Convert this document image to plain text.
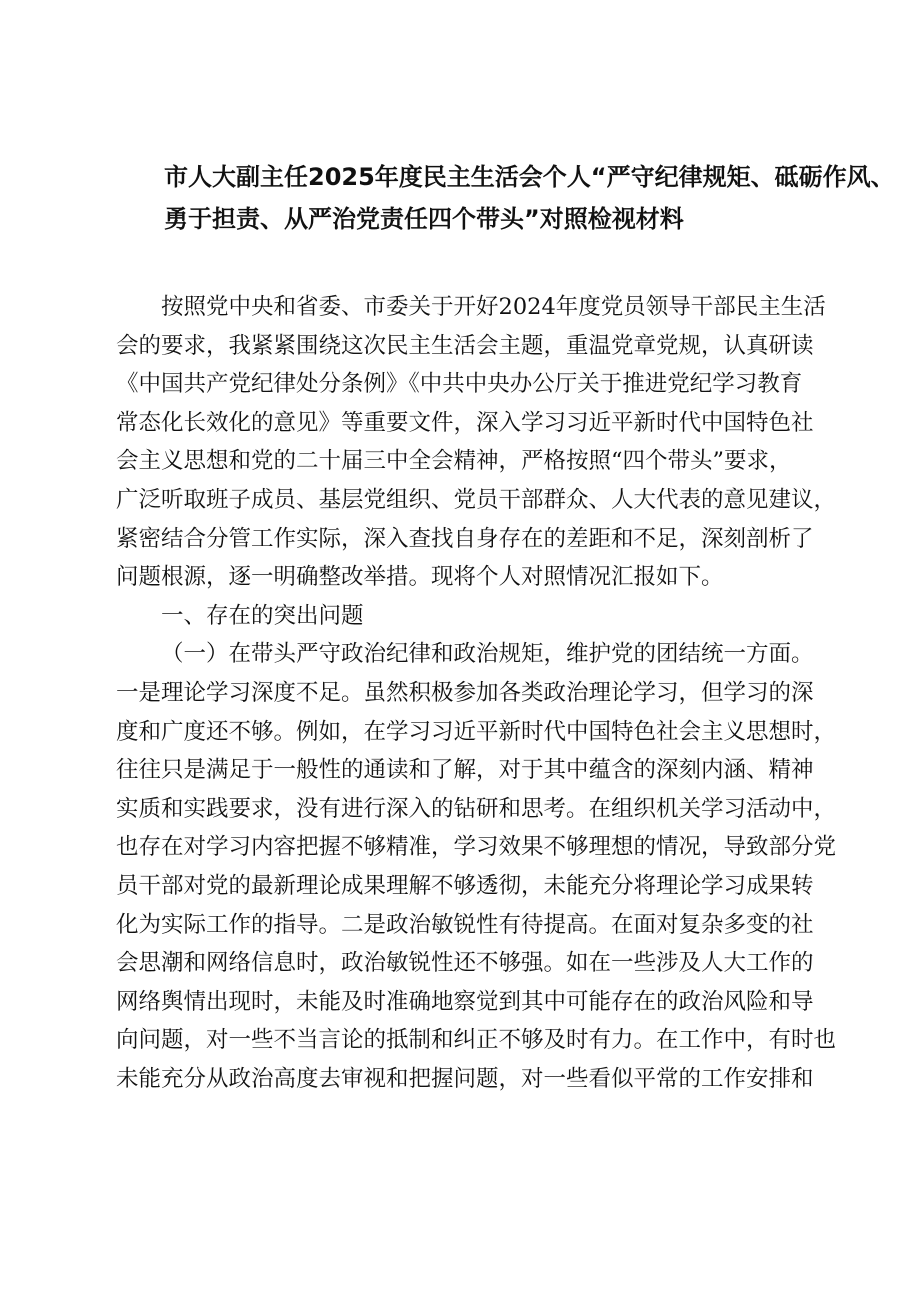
市人大副主任2025年度民主生活会个人“严守纪律规矩、砥砺作风、
勇于担责、从严治党责任四个带头”对照检视材料
按照党中央和省委、市委关于开好2024年度党员领导干部民主生活
会的要求，我紧紧围绕这次民主生活会主题，重温党章党规，认真研读
《中国共产党纪律处分条例》《中共中央办公厅关于推进党纪学习教育
常态化长效化的意见》等重要文件，深入学习习近平新时代中国特色社
会主义思想和党的二十届三中全会精神，严格按照“四个带头”要求，
广泛听取班子成员、基层党组织、党员干部群众、人大代表的意见建议，
紧密结合分管工作实际，深入查找自身存在的差距和不足，深刻剖析了
问题根源，逐一明确整改举措。现将个人对照情况汇报如下。
一、存在的突出问题
（一）在带头严守政治纪律和政治规矩，维护党的团结统一方面。
一是理论学习深度不足。虽然积极参加各类政治理论学习，但学习的深
度和广度还不够。例如，在学习习近平新时代中国特色社会主义思想时，
往往只是满足于一般性的通读和了解，对于其中蕴含的深刻内涵、精神
实质和实践要求，没有进行深入的钻研和思考。在组织机关学习活动中，
也存在对学习内容把握不够精准，学习效果不够理想的情况，导致部分党
员干部对党的最新理论成果理解不够透彻，未能充分将理论学习成果转
化为实际工作的指导。二是政治敏锐性有待提高。在面对复杂多变的社
会思潮和网络信息时，政治敏锐性还不够强。如在一些涉及人大工作的
网络舆情出现时，未能及时准确地察觉到其中可能存在的政治风险和导
向问题，对一些不当言论的抵制和纠正不够及时有力。在工作中，有时也
未能充分从政治高度去审视和把握问题，对一些看似平常的工作安排和
